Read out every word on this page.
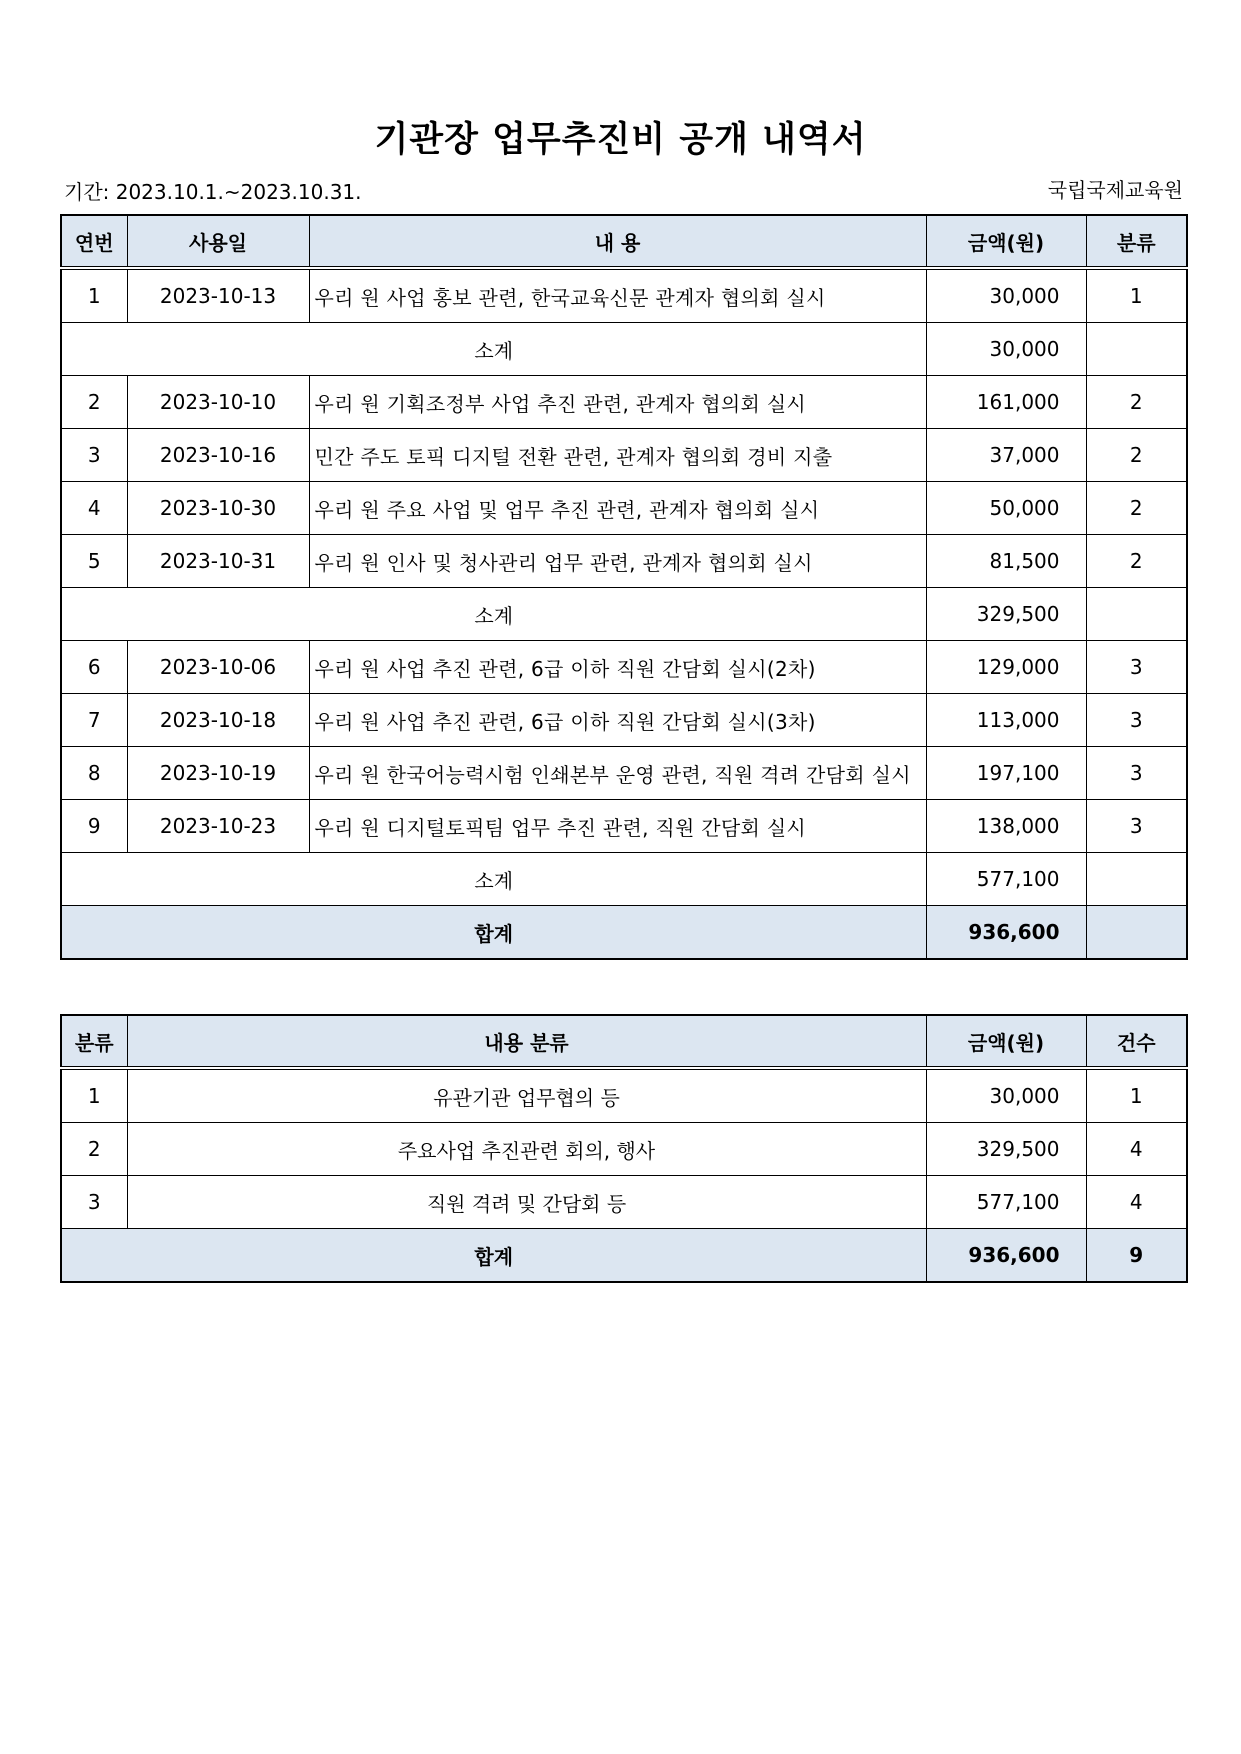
기관장 업무추진비 공개 내역서
기간: 2023.10.1.~2023.10.31.	국립국제교육원
연번	사용일	내 용	금액(원)	분류
1	2023-10-13	우리 원 사업 홍보 관련, 한국교육신문 관계자 협의회 실시	30,000	1
소계			30,000	
2	2023-10-10	우리 원 기획조정부 사업 추진 관련, 관계자 협의회 실시	161,000	2
3	2023-10-16	민간 주도 토픽 디지털 전환 관련, 관계자 협의회 경비 지출	37,000	2
4	2023-10-30	우리 원 주요 사업 및 업무 추진 관련, 관계자 협의회 실시	50,000	2
5	2023-10-31	우리 원 인사 및 청사관리 업무 관련, 관계자 협의회 실시	81,500	2
소계			329,500	
6	2023-10-06	우리 원 사업 추진 관련, 6급 이하 직원 간담회 실시(2차)	129,000	3
7	2023-10-18	우리 원 사업 추진 관련, 6급 이하 직원 간담회 실시(3차)	113,000	3
8	2023-10-19	우리 원 한국어능력시험 인쇄본부 운영 관련, 직원 격려 간담회 실시	197,100	3
9	2023-10-23	우리 원 디지털토픽팀 업무 추진 관련, 직원 간담회 실시	138,000	3
소계			577,100	
합계			936,600	
분류	내용 분류	금액(원)	건수
1	유관기관 업무협의 등	30,000	1
2	주요사업 추진관련 회의, 행사	329,500	4
3	직원 격려 및 간담회 등	577,100	4
합계		936,600	9
